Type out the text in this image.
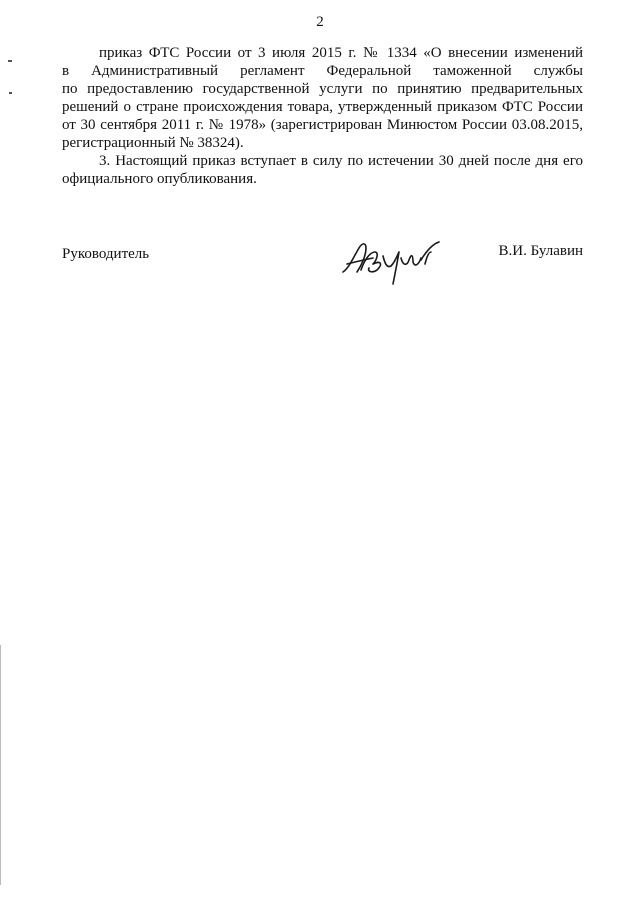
2

приказ ФТС России от 3 июля 2015 г. № 1334 «О внесении изменений
в Административный регламент Федеральной таможенной службы
по предоставлению государственной услуги по принятию предварительных
решений о стране происхождения товара, утвержденный приказом ФТС России
от 30 сентября 2011 г. № 1978» (зарегистрирован Минюстом России 03.08.2015,
регистрационный № 38324).

3. Настоящий приказ вступает в силу по истечении 30 дней после дня его
официального опубликования.

Руководитель	В.И. Булавин
